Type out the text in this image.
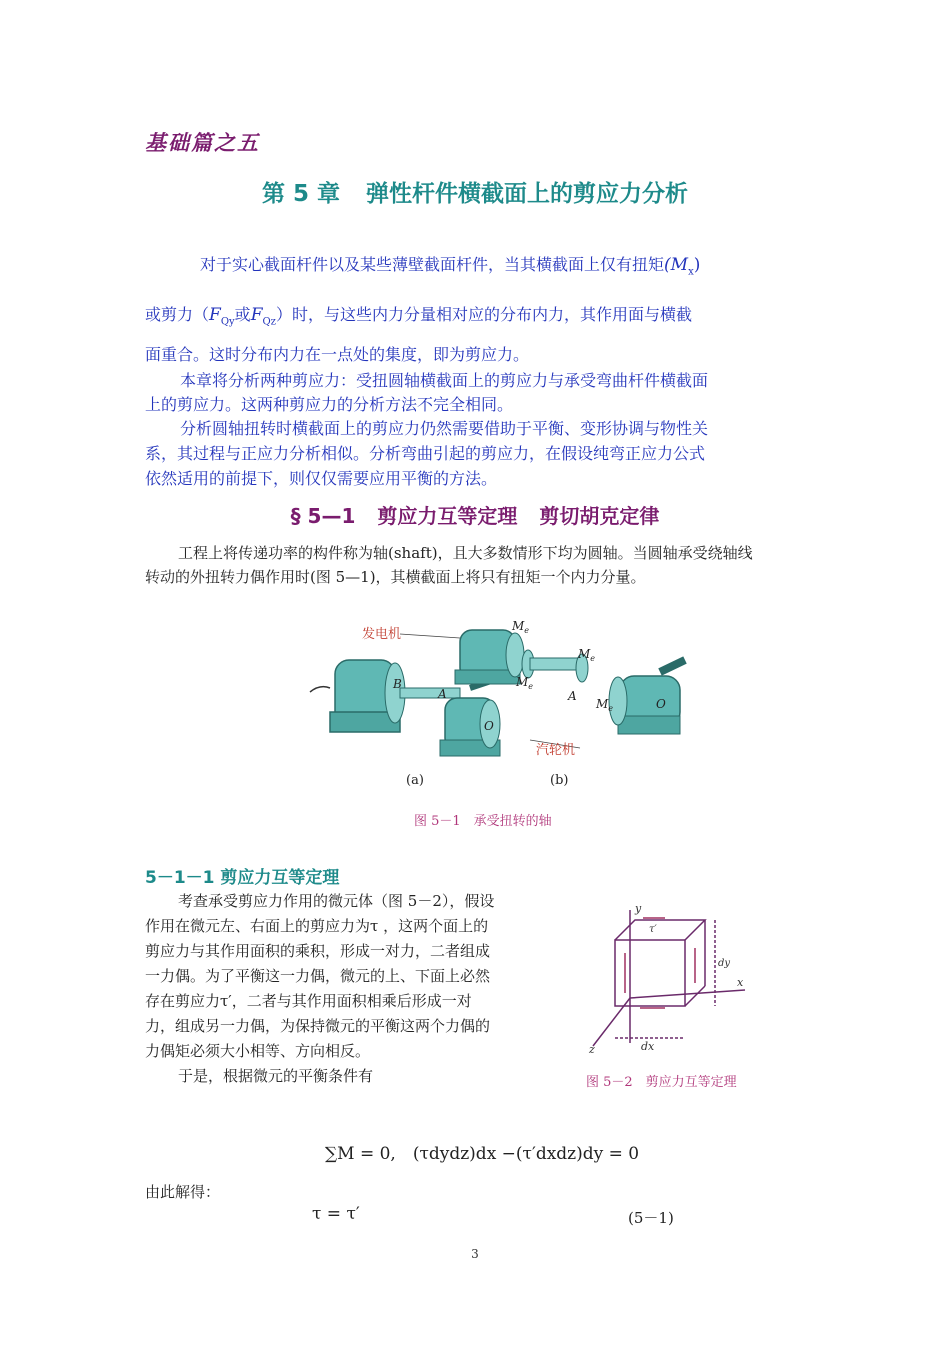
基础篇之五
第 5 章 弹性杆件横截面上的剪应力分析
对于实心截面杆件以及某些薄壁截面杆件，当其横截面上仅有扭矩$(M_x)$
或剪力（$F_{Qy}$或$F_{Qz}$）时，与这些内力分量相对应的分布内力，其作用面与横截
面重合。这时分布内力在一点处的集度，即为剪应力。
本章将分析两种剪应力：受扭圆轴横截面上的剪应力与承受弯曲杆件横截面
上的剪应力。这两种剪应力的分析方法不完全相同。
分析圆轴扭转时横截面上的剪应力仍然需要借助于平衡、变形协调与物性关
系，其过程与正应力分析相似。分析弯曲引起的剪应力，在假设纯弯正应力公式
依然适用的前提下，则仅仅需要应用平衡的方法。
§ 5—1 剪应力互等定理 剪切胡克定律
工程上将传递功率的构件称为轴(shaft)，且大多数情形下均为圆轴。当圆轴承受绕轴线
转动的外扭转力偶作用时(图 5—1)，其横截面上将只有扭矩一个内力分量。
发电机
汽轮机
$M_e$
$M_e$
$M_e$
$M_e$
B
A	A
O
O
(a)	(b)
图 5－1　承受扭转的轴
5－1－1 剪应力互等定理
考查承受剪应力作用的微元体（图 5－2），假设
作用在微元左、右面上的剪应力为τ ，这两个面上的
剪应力与其作用面积的乘积，形成一对力，二者组成
一力偶。为了平衡这一力偶，微元的上、下面上必然
存在剪应力τ′，二者与其作用面积相乘后形成一对
力，组成另一力偶，为保持微元的平衡这两个力偶的
力偶矩必须大小相等、方向相反。
于是，根据微元的平衡条件有
y
x
z	dx
dy
τ′
图 5－2　剪应力互等定理
∑M = 0,　(τdydz)dx −(τ′dxdz)dy = 0
由此解得：
τ = τ′	(5－1)
3
